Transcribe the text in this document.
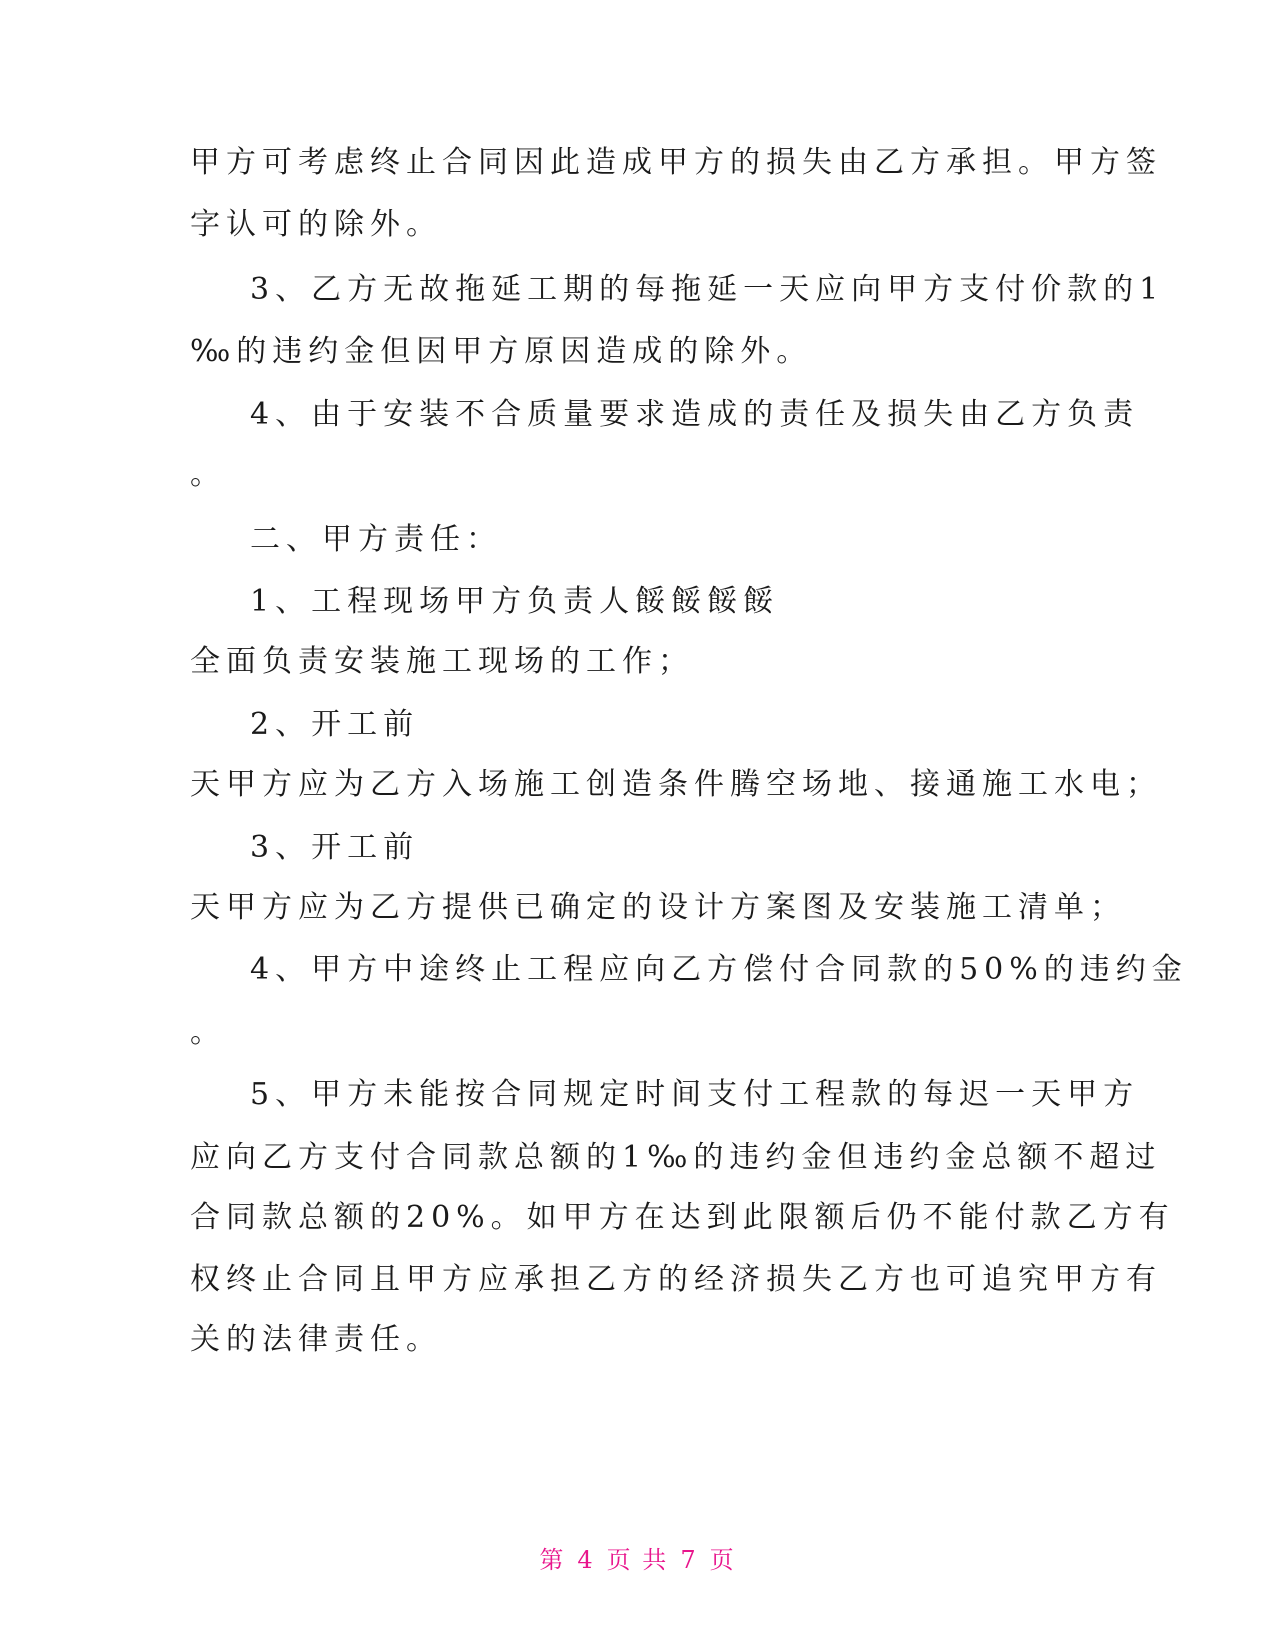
甲方可考虑终止合同因此造成甲方的损失由乙方承担。甲方签
字认可的除外。
3、乙方无故拖延工期的每拖延一天应向甲方支付价款的1
‰的违约金但因甲方原因造成的除外。
4、由于安装不合质量要求造成的责任及损失由乙方负责
。
二、甲方责任：
1、工程现场甲方负责人餒餒餒餒
全面负责安装施工现场的工作；
2、开工前
天甲方应为乙方入场施工创造条件腾空场地、接通施工水电；
3、开工前
天甲方应为乙方提供已确定的设计方案图及安装施工清单；
4、甲方中途终止工程应向乙方偿付合同款的50%的违约金
。
5、甲方未能按合同规定时间支付工程款的每迟一天甲方
应向乙方支付合同款总额的1‰的违约金但违约金总额不超过
合同款总额的20%。如甲方在达到此限额后仍不能付款乙方有
权终止合同且甲方应承担乙方的经济损失乙方也可追究甲方有
关的法律责任。
第 4 页 共 7 页
